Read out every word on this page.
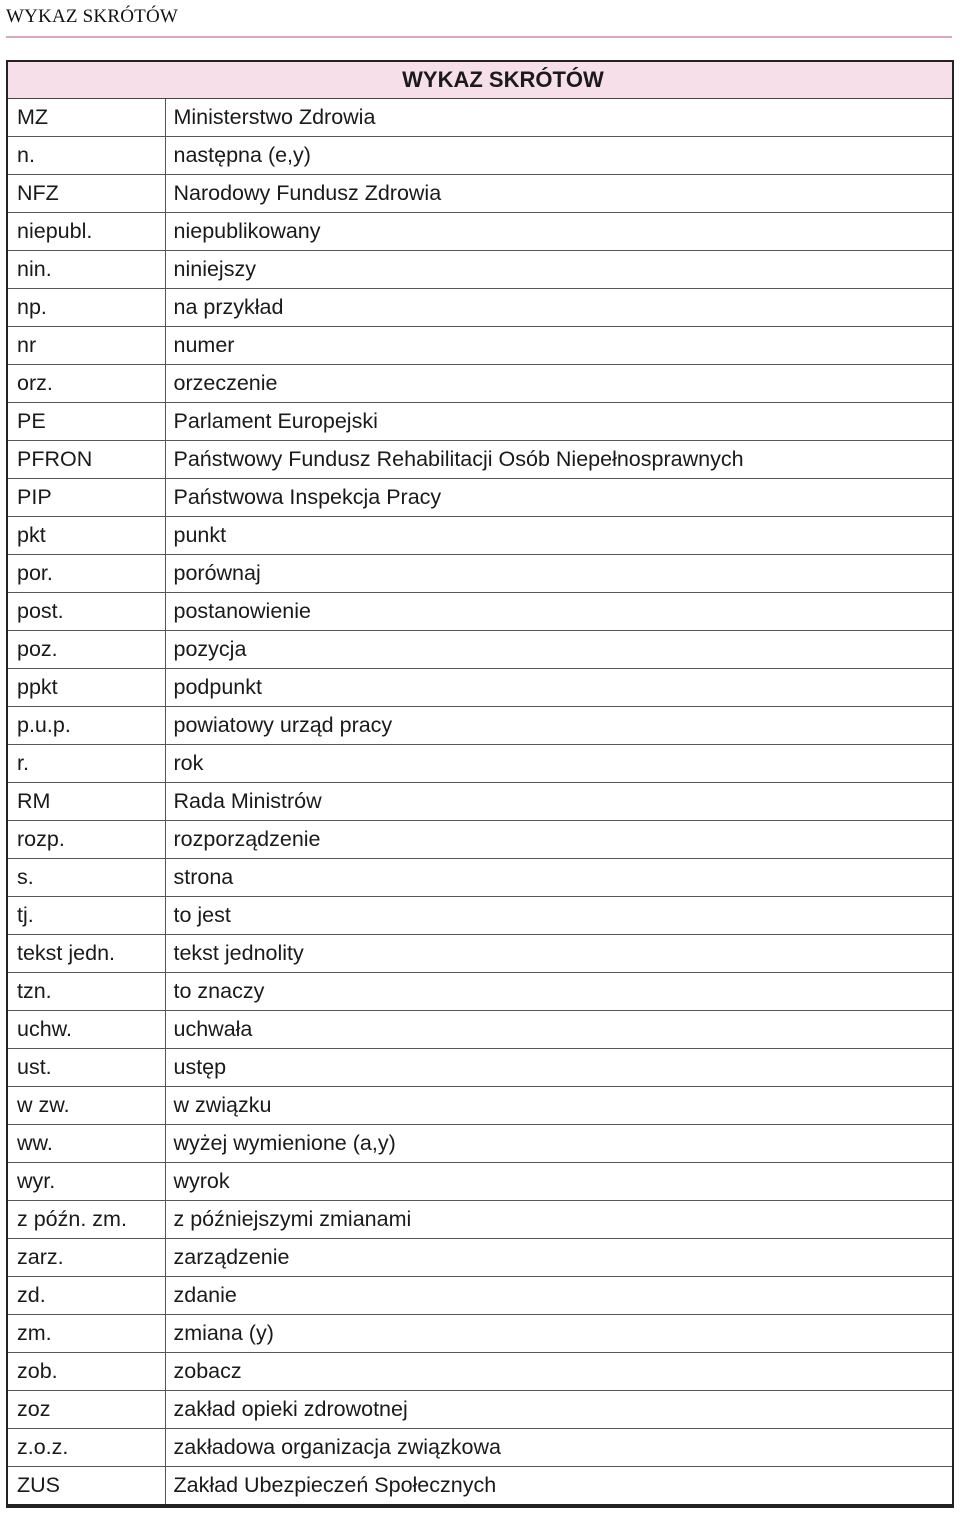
WYKAZ SKRÓTÓW
WYKAZ SKRÓTÓW	
MZ	Ministerstwo Zdrowia
n.	następna (e,y)
NFZ	Narodowy Fundusz Zdrowia
niepubl.	niepublikowany
nin.	niniejszy
np.	na przykład
nr	numer
orz.	orzeczenie
PE	Parlament Europejski
PFRON	Państwowy Fundusz Rehabilitacji Osób Niepełnosprawnych
PIP	Państwowa Inspekcja Pracy
pkt	punkt
por.	porównaj
post.	postanowienie
poz.	pozycja
ppkt	podpunkt
p.u.p.	powiatowy urząd pracy
r.	rok
RM	Rada Ministrów
rozp.	rozporządzenie
s.	strona
tj.	to jest
tekst jedn.	tekst jednolity
tzn.	to znaczy
uchw.	uchwała
ust.	ustęp
w zw.	w związku
ww.	wyżej wymienione (a,y)
wyr.	wyrok
z późn. zm.	z późniejszymi zmianami
zarz.	zarządzenie
zd.	zdanie
zm.	zmiana (y)
zob.	zobacz
zoz	zakład opieki zdrowotnej
z.o.z.	zakładowa organizacja związkowa
ZUS	Zakład Ubezpieczeń Społecznych
